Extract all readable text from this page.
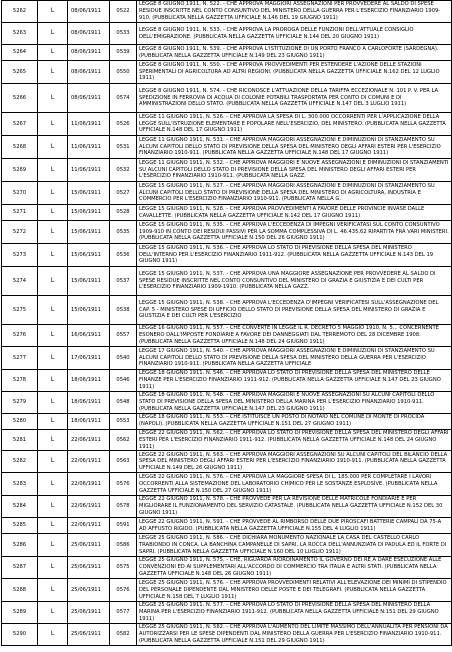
5262	L	08/06/1911	0522	LEGGE 8 GIUGNO 1911, N. 522. - CHE APPROVA MAGGIORI ASSEGNAZIONI PER PROVVEDERE AL SALDO DI SPESE RESIDUE INSCRITTE NEL CONTO CONSUNTIVO DEL MINISTERO DELLA GUERRA PER L'ESERCIZIO FINANZIARIO 1909-910. (PUBBLICATA NELLA GAZZETTA UFFICIALE N.146 DEL 19 GIUGNO 1911)
5263	L	08/06/1911	0533	LEGGE 8 GIUGNO 1911, N. 533. - CHE APPROVA LA PROROGA DELLE FUNZIONI DELL'ATTUALE CONSIGLIO DELL'EMIGRAZIONE. (PUBBLICATA NELLA GAZZETTA UFFICIALE N.144 DEL 20 GIUGNO 1911)
5264	L	08/06/1911	0539	LEGGE 8 GIUGNO 1911, N. 539. - CHE APPROVA L'ISTITUZIONE DI UN PORTO FRANCO A CARLOFORTE (SARDEGNA). (PUBBLICATA NELLA GAZZETTA UFFICIALE N.149 DEL 23 GIUGNO 1911)
5265	L	08/06/1911	0550	LEGGE 8 GIUGNO 1911, N. 550. - CHE APPROVA PROVVEDIMENTI PER ESTENDERE L'AZIONE DELLE STAZIONI SPERIMENTALI DI AGRICOLTURA AD ALTRI REGIONI. (PUBBLICATA NELLA GAZZETTA UFFICIALE N.162 DEL 12 LUGLIO 1911)
5266	L	08/06/1911	0574	LEGGE 8 GIUGNO 1911, N. 574. - CHE RICONOSCE L'ATTUAZIONE DELLA TARIFFA ECCEZIONALE N. 101 P. V. PER LA SPEDIZIONE IN FERROVIA DI ACQUA DI COLONIE POTABILI TRASPORTATA PER CONTO DI COMUNI E DI AMMINISTRAZIONI DELLO STATO. (PUBBLICATA NELLA GAZZETTA UFFICIALE N.147 DEL 3 LUGLIO 1911)
5267	L	11/06/1911	0526	LEGGE 11 GIUGNO 1911, N. 526. - CHE APPROVA LA SPESA DI L. 300.000 OCCORRENTI PER L'APPLICAZIONE DELLA LEGGE SULL'ISTRUZIONE ELEMENTARE E POPOLARE NELL'ESERCIZIO, DEL MINISTERO. (PUBBLICATA NELLA GAZZETTA UFFICIALE N.148 DEL 17 GIUGNO 1911)
5268	L	11/06/1911	0531	LEGGE 11 GIUGNO 1911, N. 531. - CHE APPROVA MAGGIORI ASSEGNAZIONI E DIMINUZIONI DI STANZIAMENTO SU ALCUNI CAPITOLI DELLO STATO DI PREVISIONE DELLA SPESA DEL MINISTERO DEGLI AFFARI ESTERI PER L'ESERCIZIO FINANZIARIO 1910-911. (PUBBLICATA NELLA GAZZETTA UFFICIALE N.148 DEL 17 GIUGNO 1911)
5269	L	11/06/1911	0532	LEGGE 11 GIUGNO 1911, N. 532. - CHE APPROVA MAGGIORI E NUOVE ASSEGNAZIONI E DIMINUZIONI DI STANZIAMENTI SU ALCUNI CAPITOLI DELLO STATO DI PREVISIONE DELLA SPESA DEL MINISTERO DEGLI AFFARI ESTERI PER L'ESERCIZIO FINANZIARIO 1910-911. (PUBBLICATA NELLA GAZZ.
5270	L	15/06/1911	0527	LEGGE 15 GIUGNO 1911, N. 527. - CHE APPROVA MAGGIORI ASSEGNAZIONI E DIMINUZIONI DI STANZIAMENTO SU ALCUNI CAPITOLI DELLO STATO DI PREVISIONE DELLA SPESA DEL MINISTERO DI AGRICOLTURA, INDUSTRIA E COMMERCIO PER L'ESERCIZIO FINANZIARIO 1910-911. (PUBBLICATA NELLA G.
5271	L	15/06/1911	0528	LEGGE 15 GIUGNO 1911, N. 528. - CHE APPROVA PROVVEDIMENTI A FAVORE DELLE PROVINCIE INVASE DALLE CAVALLETTE. (PUBBLICATA NELLA GAZZETTA UFFICIALE N.142 DEL 17 GIUGNO 1911)
5272	L	15/06/1911	0535	LEGGE 15 GIUGNO 1911, N. 535. - CHE APPROVA L'ECCEDENZA DI IMPEGNI VERIFICATASI SUL CONTO CONSUNTIVO 1909-910 IN CONTO DEI RESIDUI PASSIVI PER LA SOMMA COMPLESSIVA DI L. 46.435,62 RIPARTITA FRA VARI MINISTERI. (PUBBLICATA NELLA GAZZETTA UFFICIALE N.150 DEL 26 GIUGNO 1911)
5273	L	15/06/1911	0536	LEGGE 15 GIUGNO 1911, N. 536. - CHE APPROVA LO STATO DI PREVISIONE DELLA SPESA DEL MINISTERO DELL'INTERNO PER L'ESERCIZIO FINANZIARIO 1911-912. (PUBBLICATA NELLA GAZZETTA UFFICIALE N.143 DEL 19 GIUGNO 1911)
5274	L	15/06/1911	0537	LEGGE 15 GIUGNO 1911, N. 537. - CHE APPROVA UNA MAGGIORE ASSEGNAZIONE PER PROVVEDERE AL SALDO DI SPESE RESIDUE INSCRITTE NEL CONTO CONSUNTIVO DEL MINISTERO DI GRAZIA E GIUSTIZIA E DEI CULTI PER L'ESERCIZIO FINANZIARIO 1909-1910. (PUBBLICATA NELLA GAZZ.
5275	L	15/06/1911	0538	LEGGE 15 GIUGNO 1911, N. 538. - CHE APPROVA L'ECCEDENZA D'IMPEGNI VERIFICATESI SULL'ASSEGNAZIONE DEL CAP. 5 - MINISTERO SPESE DI UFFICIO DELLO STATO DI PREVISIONE DELLA SPESA DEL MINISTERO DI GRAZIA E GIUSTIZIA E DEI CULTI PER L'ESERCIZIO
5276	L	16/06/1911	0557	LEGGE 16 GIUGNO 1911, N. 557. - CHE CONVERTE IN LEGGE IL R. DECRETO 5 MAGGIO 1910, N. 5... CONCERNENTE ESONERO DALL'IMPOSTE FONDIARIE A FAVORE DEI DANNEGGIATI DAL TERREMOTO DEL 28 DICEMBRE 1908. (PUBBLICATA NELLA GAZZETTA UFFICIALE N.148 DEL 24 GIUGNO 1911)
5277	L	17/06/1911	0540	LEGGE 17 GIUGNO 1911, N. 540. - CHE APPROVA MAGGIORI ASSEGNAZIONI E DIMINUZIONI DI STANZIAMENTO SU ALCUNI CAPITOLI DELLO STATO DI PREVISIONE DELLA SPESA DEL MINISTERO DELLA GUERRA PER L'ESERCIZIO FINANZIARIO 1910-911. (PUBBLICATA NELLA GAZZETTA UFFICIALE
5278	L	18/06/1911	0546	LEGGE 18 GIUGNO 1911, N. 546. - CHE APPROVA LO STATO DI PREVISIONE DELLA SPESA DEL MINISTERO DELLE FINANZE PER L'ESERCIZIO FINANZIARIO 1911-912. (PUBBLICATA NELLA GAZZETTA UFFICIALE N.147 DEL 23 GIUGNO 1911)
5279	L	18/06/1911	0548	LEGGE 18 GIUGNO 1911, N. 548. - CHE APPROVA MAGGIORI E NUOVE ASSEGNAZIONI SU ALCUNI CAPITOLI DELLO STATO DI PREVISIONE DELLA SPESA DEL MINISTERO DELLA MARINA PER L'ESERCIZIO FINANZIARIO 1910-911. (PUBBLICATA NELLA GAZZETTA UFFICIALE N.147 DEL 23 GIUGNO 1911)
5280	L	18/06/1911	0553	LEGGE 18 GIUGNO 1911, N. 553. - CHE ISTITUISCE UN POSTO DI NOTAIO NEL COMUNE DI MONTE DI PROCIDA (NAPOLI). (PUBBLICATA NELLA GAZZETTA UFFICIALE N.151 DEL 27 GIUGNO 1911)
5281	L	22/06/1911	0562	LEGGE 22 GIUGNO 1911, N. 562. - CHE APPROVA LO STATO DI PREVISIONE DELLA SPESA DEL MINISTERO DEGLI AFFARI ESTERI PER L'ESERCIZIO FINANZIARIO 1911-912. (PUBBLICATA NELLA GAZZETTA UFFICIALE N.148 DEL 24 GIUGNO 1911)
5282	L	22/06/1911	0563	LEGGE 22 GIUGNO 1911, N. 563. - CHE APPROVA MAGGIORI ASSEGNAZIONI SU ALCUNI CAPITOLI DEL BILANCIO DELLA SPESA DEL MINISTERO DEGLI AFFARI ESTERI PER L'ESERCIZIO FINANZIARIO 1910-911. (PUBBLICATA NELLA GAZZETTA UFFICIALE N.149 DEL 26 GIUGNO 1911)
5283	L	22/06/1911	0576	LEGGE 22 GIUGNO 1911, N. 576. - CHE APPROVA LA MAGGIORE SPESA DI L. 185.000 PER COMPLETARE I LAVORI OCCORRENTI ALLA SISTEMAZIONE DEL LABORATORIO CHIMICO PER LE SOSTANZE ESPLOSIVE. (PUBBLICATA NELLA GAZZETTA UFFICIALE N.150 DEL 27 GIUGNO 1911)
5284	L	22/06/1911	0578	LEGGE 22 GIUGNO 1911, N. 578. - CHE PROVVEDE PER LA REVISIONE DELLE MATRICOLE FONDIARIE E PER MIGLIORARE IL FUNZIONAMENTO DEL SERVIZIO CATASTALE. (PUBBLICATA NELLA GAZZETTA UFFICIALE N.152 DEL 30 GIUGNO 1911)
5285	L	22/06/1911	0591	LEGGE 22 GIUGNO 1911, N. 591. - CHE PROVVEDE AL RIMBORSO DELLE DUE PIROSCAFI BATTERIE CAMPALI DA 75-A AD AFFUSTO RIGIDO. (PUBBLICATA NELLA GAZZETTA UFFICIALE N.155 DEL 4 LUGLIO 1911)
5286	L	25/06/1911	0586	LEGGE 25 GIUGNO 1911, N. 586. - CHE DICHIARA MONUMENTO NAZIONALE LA CASA DEL CASTELLO CARLO TRABIONDO IN CONCA, LA BANCHINA CAMPANELLE DI SAPRI, LA ROCCA DELL'ANNUNZIATA DI PADULA ED IL FORTE DI SAPRI. (PUBBLICATA NELLA GAZZETTA UFFICIALE N.160 DEL 10 LUGLIO 1911)
5287	L	25/06/1911	0575	LEGGE 25 GIUGNO 1911, N. 575. - CHE, RIGUARDA RIORDINAMENTO IL GOVERNO DEI RE A DARE ESECUZIONE ALLE CONVENZIONI ED AI SUPPLEMENTARI ALL'ACCORDO DI COMMERCIO TRA ITALIA E ALTRI STATI. (PUBBLICATA NELLA GAZZETTA UFFICIALE N.148 DEL 26 GIUGNO 1911)
5288	L	25/06/1911	0576	LEGGE 25 GIUGNO 1911, N. 576. - CHE APPROVA PROVVEDIMENTI RELATIVI ALL'ELEVAZIONE DEI MINIMI DI STIPENDIO DEL PERSONALE DIPENDENTE DAL MINISTERO DELLE POSTE E DEI TELEGRAFI. (PUBBLICATA NELLA GAZZETTA UFFICIALE N.158 DEL 7 LUGLIO 1911)
5289	L	25/06/1911	0577	LEGGE 25 GIUGNO 1911, N. 577. - CHE APPROVA LO STATO DI PREVISIONE DELLA SPESA DEL MINISTERO DELLA MARINA PER L'ESERCIZIO FINANZIARIO 1911-912. (PUBBLICATA NELLA GAZZETTA UFFICIALE N.151 DEL 29 GIUGNO 1911)
5290	L	25/06/1911	0582	LEGGE 25 GIUGNO 1911, N. 582. - CHE APPROVA L'AUMENTO DEL LIMITE MASSIMO DELL'ANNUALITA PER PENSIONI DA AUTORIZZARSI PER LE SPESE DIPENDENTI DAL MINISTERO DELLA GUERRA PER L'ESERCIZIO FINANZIARIO 1910-911. (PUBBLICATA NELLA GAZZETTA UFFICIALE N.151 DEL 29 GIUGNO 1911)
